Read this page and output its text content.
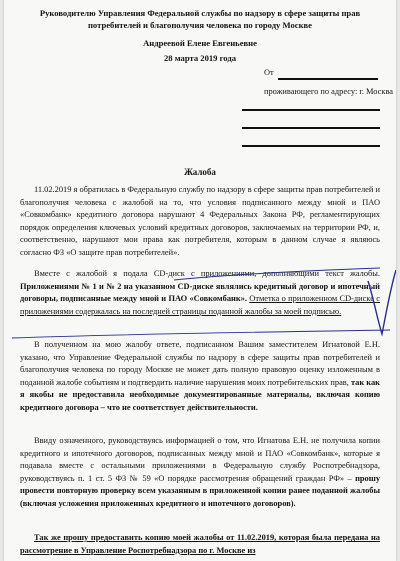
Руководителю Управления Федеральной службы по надзору в сфере защиты прав
потребителей и благополучия человека по городу Москве
Андреевой Елене Евгеньевне
28 марта 2019 года
От
проживающего по адресу: г. Москва
Жалоба

11.02.2019 я обратилась в Федеральную службу по надзору в сфере защиты прав потребителей и благополучия человека с жалобой на то, что условия подписанного между мной и ПАО «Совкомбанк» кредитного договора нарушают 4 Федеральных Закона РФ, регламентирующих порядок определения ключевых условий кредитных договоров, заключаемых на территории РФ, и, соответственно, нарушают мои права как потребителя, которым в данном случае я являюсь согласно ФЗ «О защите прав потребителей».

Вместе с жалобой я подала CD-диск с приложениями, дополняющими текст жалобы. Приложениями № 1 и № 2 на указанном CD-диске являлись кредитный договор и ипотечный договоры, подписанные между мной и ПАО «Совкомбанк». Отметка о приложенном CD-диске с приложениями содержалась на последней страницы поданной жалобы за моей подписью.

В полученном на мою жалобу ответе, подписанном Вашим заместителем Игнатовой Е.Н. указано, что Управление Федеральной службы по надзору в сфере защиты прав потребителей и благополучия человека по городу Москве не может дать полную правовую оценку изложенным в поданной жалобе событиям и подтвердить наличие нарушения моих потребительских прав, так как я якобы не предоставила необходимые документированные материалы, включая копию кредитного договора – что не соответствует действительности.

Ввиду означенного, руководствуясь информацией о том, что Игнатова Е.Н. не получила копии кредитного и ипотечного договоров, подписанных между мной и ПАО «Совкомбанк», которые я подавала вместе с остальными приложениями в Федеральную службу Роспотребнадзора, руководствуясь п. 1 ст. 5 ФЗ № 59 «О порядке рассмотрения обращений граждан РФ» – прошу провести повторную проверку всем указанным в приложенной копии ранее поданной жалобы (включая усложения приложенных кредитного и ипотечного договоров).

Так же прошу предоставить копию моей жалобы от 11.02.2019, которая была передана на рассмотрение в Управление Роспотребнадзора по г. Москве из
